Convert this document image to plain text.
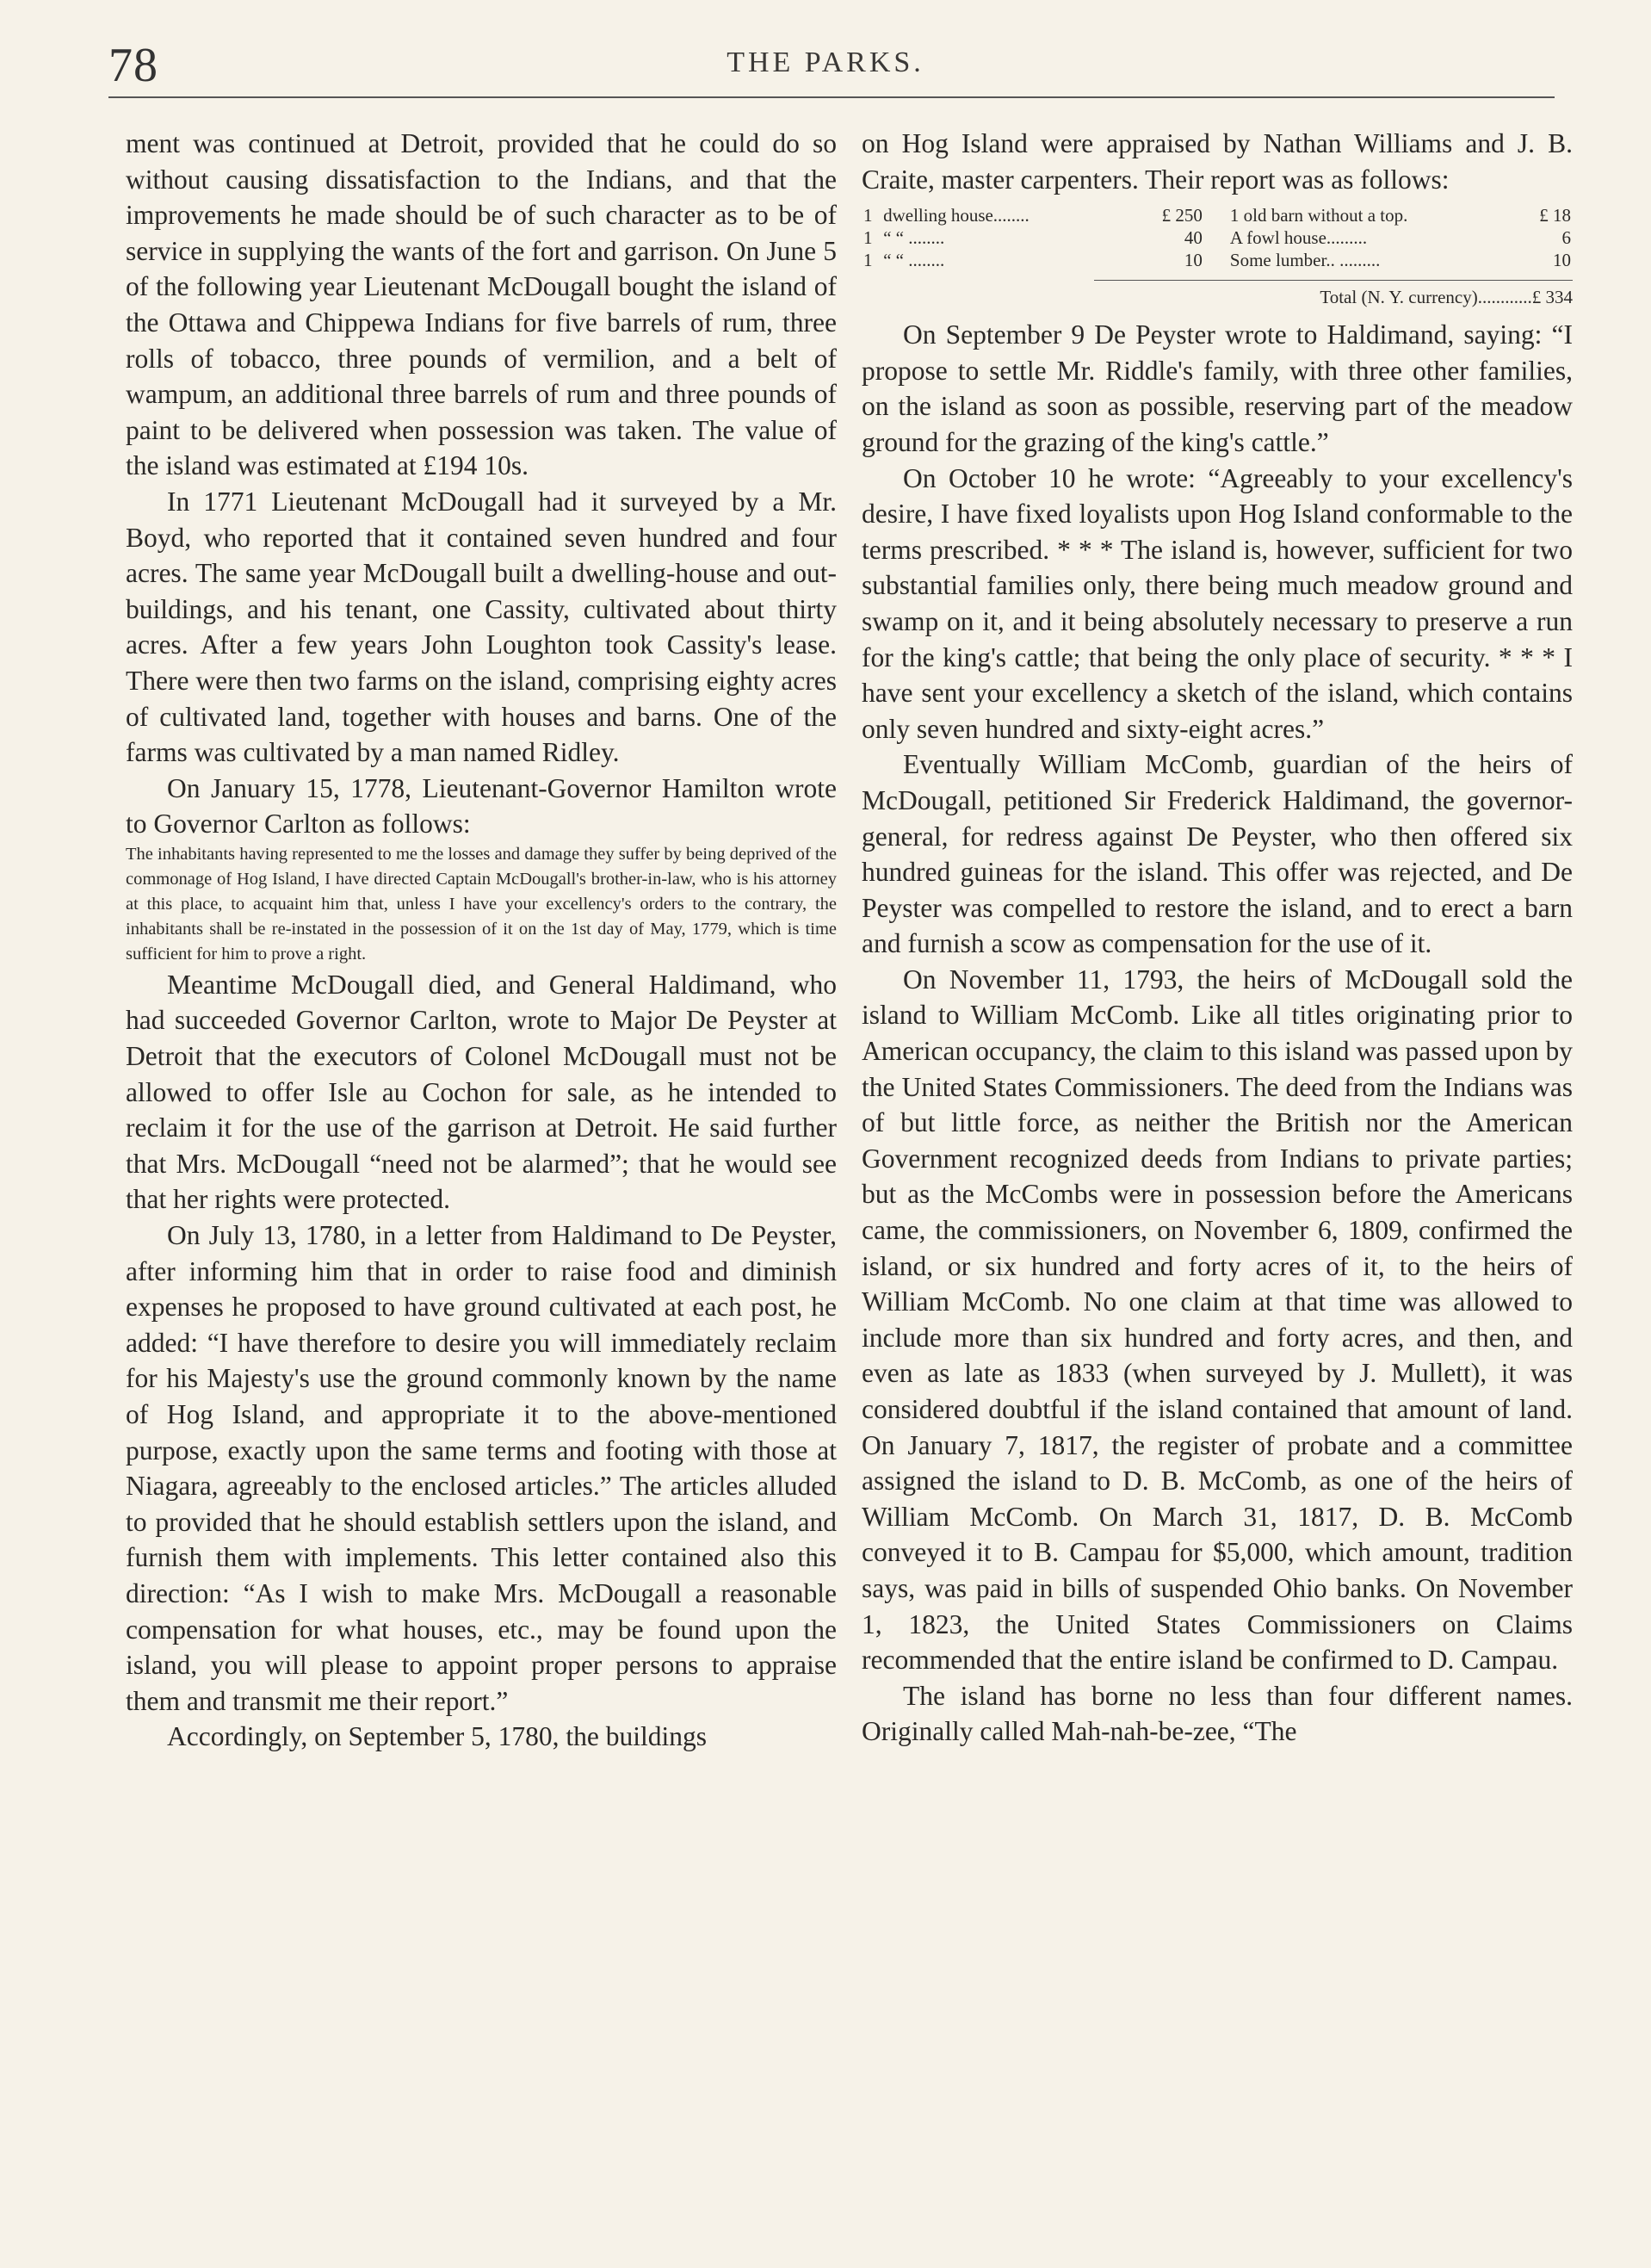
78	THE PARKS.

ment was continued at Detroit, provided that he could do so without causing dissatisfaction to the Indians, and that the improvements he made should be of such character as to be of service in supplying the wants of the fort and garrison. On June 5 of the following year Lieutenant McDougall bought the island of the Ottawa and Chippewa Indians for five barrels of rum, three rolls of tobacco, three pounds of vermilion, and a belt of wampum, an additional three barrels of rum and three pounds of paint to be delivered when possession was taken. The value of the island was estimated at £194 10s.

In 1771 Lieutenant McDougall had it surveyed by a Mr. Boyd, who reported that it contained seven hundred and four acres. The same year McDougall built a dwelling-house and out-buildings, and his tenant, one Cassity, cultivated about thirty acres. After a few years John Loughton took Cassity's lease. There were then two farms on the island, comprising eighty acres of cultivated land, together with houses and barns. One of the farms was cultivated by a man named Ridley.

On January 15, 1778, Lieutenant-Governor Hamilton wrote to Governor Carlton as follows:

The inhabitants having represented to me the losses and damage they suffer by being deprived of the commonage of Hog Island, I have directed Captain McDougall's brother-in-law, who is his attorney at this place, to acquaint him that, unless I have your excellency's orders to the contrary, the inhabitants shall be re-instated in the possession of it on the 1st day of May, 1779, which is time sufficient for him to prove a right.

Meantime McDougall died, and General Haldimand, who had succeeded Governor Carlton, wrote to Major De Peyster at Detroit that the executors of Colonel McDougall must not be allowed to offer Isle au Cochon for sale, as he intended to reclaim it for the use of the garrison at Detroit. He said further that Mrs. McDougall “need not be alarmed”; that he would see that her rights were protected.

On July 13, 1780, in a letter from Haldimand to De Peyster, after informing him that in order to raise food and diminish expenses he proposed to have ground cultivated at each post, he added: “I have therefore to desire you will immediately reclaim for his Majesty's use the ground commonly known by the name of Hog Island, and appropriate it to the above-mentioned purpose, exactly upon the same terms and footing with those at Niagara, agreeably to the enclosed articles.” The articles alluded to provided that he should establish settlers upon the island, and furnish them with implements. This letter contained also this direction: “As I wish to make Mrs. McDougall a reasonable compensation for what houses, etc., may be found upon the island, you will please to appoint proper persons to appraise them and transmit me their report.”

Accordingly, on September 5, 1780, the buildings

on Hog Island were appraised by Nathan Williams and J. B. Craite, master carpenters. Their report was as follows:

1	dwelling house........	£ 250	1 old barn without a top.	£ 18
1	“ “ ........	40	A fowl house.........	6
1	“ “ ........	10	Some lumber.. .........	10
Total (N. Y. currency)............£ 334

On September 9 De Peyster wrote to Haldimand, saying: “I propose to settle Mr. Riddle's family, with three other families, on the island as soon as possible, reserving part of the meadow ground for the grazing of the king's cattle.”

On October 10 he wrote: “Agreeably to your excellency's desire, I have fixed loyalists upon Hog Island conformable to the terms prescribed. * * * The island is, however, sufficient for two substantial families only, there being much meadow ground and swamp on it, and it being absolutely necessary to preserve a run for the king's cattle; that being the only place of security. * * * I have sent your excellency a sketch of the island, which contains only seven hundred and sixty-eight acres.”

Eventually William McComb, guardian of the heirs of McDougall, petitioned Sir Frederick Haldimand, the governor-general, for redress against De Peyster, who then offered six hundred guineas for the island. This offer was rejected, and De Peyster was compelled to restore the island, and to erect a barn and furnish a scow as compensation for the use of it.

On November 11, 1793, the heirs of McDougall sold the island to William McComb. Like all titles originating prior to American occupancy, the claim to this island was passed upon by the United States Commissioners. The deed from the Indians was of but little force, as neither the British nor the American Government recognized deeds from Indians to private parties; but as the McCombs were in possession before the Americans came, the commissioners, on November 6, 1809, confirmed the island, or six hundred and forty acres of it, to the heirs of William McComb. No one claim at that time was allowed to include more than six hundred and forty acres, and then, and even as late as 1833 (when surveyed by J. Mullett), it was considered doubtful if the island contained that amount of land. On January 7, 1817, the register of probate and a committee assigned the island to D. B. McComb, as one of the heirs of William McComb. On March 31, 1817, D. B. McComb conveyed it to B. Campau for $5,000, which amount, tradition says, was paid in bills of suspended Ohio banks. On November 1, 1823, the United States Commissioners on Claims recommended that the entire island be confirmed to D. Campau.

The island has borne no less than four different names. Originally called Mah-nah-be-zee, “The
